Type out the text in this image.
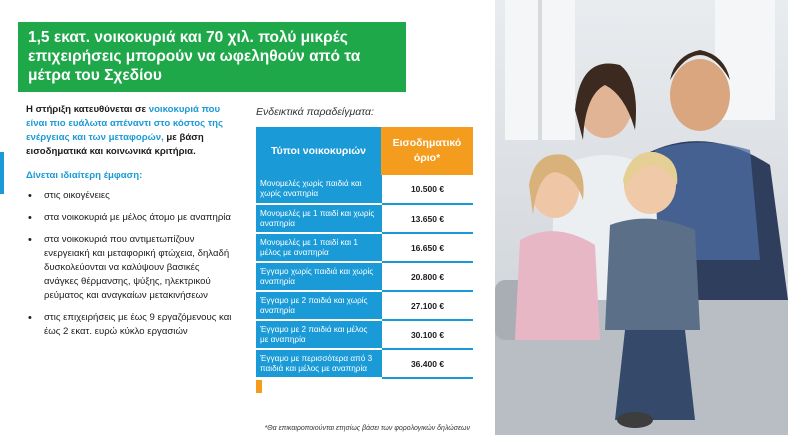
1,5 εκατ. νοικοκυριά και 70 χιλ. πολύ μικρές επιχειρήσεις μπορούν να ωφεληθούν από τα μέτρα του Σχεδίου

Η στήριξη κατευθύνεται σε νοικοκυριά που είναι πιο ευάλωτα απέναντι στο κόστος της ενέργειας και των μεταφορών, με βάση εισοδηματικά και κοινωνικά κριτήρια.

Δίνεται ιδιαίτερη έμφαση:

• στις οικογένειες
• στα νοικοκυριά με μέλος άτομο με αναπηρία
• στα νοικοκυριά που αντιμετωπίζουν ενεργειακή και μεταφορική φτώχεια, δηλαδή δυσκολεύονται να καλύψουν βασικές ανάγκες θέρμανσης, ψύξης, ηλεκτρικού ρεύματος και αναγκαίων μετακινήσεων
• στις επιχειρήσεις με έως 9 εργαζόμενους και έως 2 εκατ. ευρώ κύκλο εργασιών
Ενδεικτικά παραδείγματα:
Τύποι νοικοκυριών	Εισοδηματικό όριο*
Μονομελές χωρίς παιδιά και χωρίς αναπηρία	10.500 €
Μονομελές με 1 παιδί και χωρίς αναπηρία	13.650 €
Μονομελές με 1 παιδί και 1 μέλος με αναπηρία	16.650 €
Έγγαμο χωρίς παιδιά και χωρίς αναπηρία	20.800 €
Έγγαμο με 2 παιδιά και χωρίς αναπηρία	27.100 €
Έγγαμο με 2 παιδιά και μέλος με αναπηρία	30.100 €
Έγγαμο με περισσότερα από 3 παιδιά και μέλος με αναπηρία	36.400 €
*Θα επικαιροποιούνται ετησίως βάσει των φορολογικών δηλώσεων
